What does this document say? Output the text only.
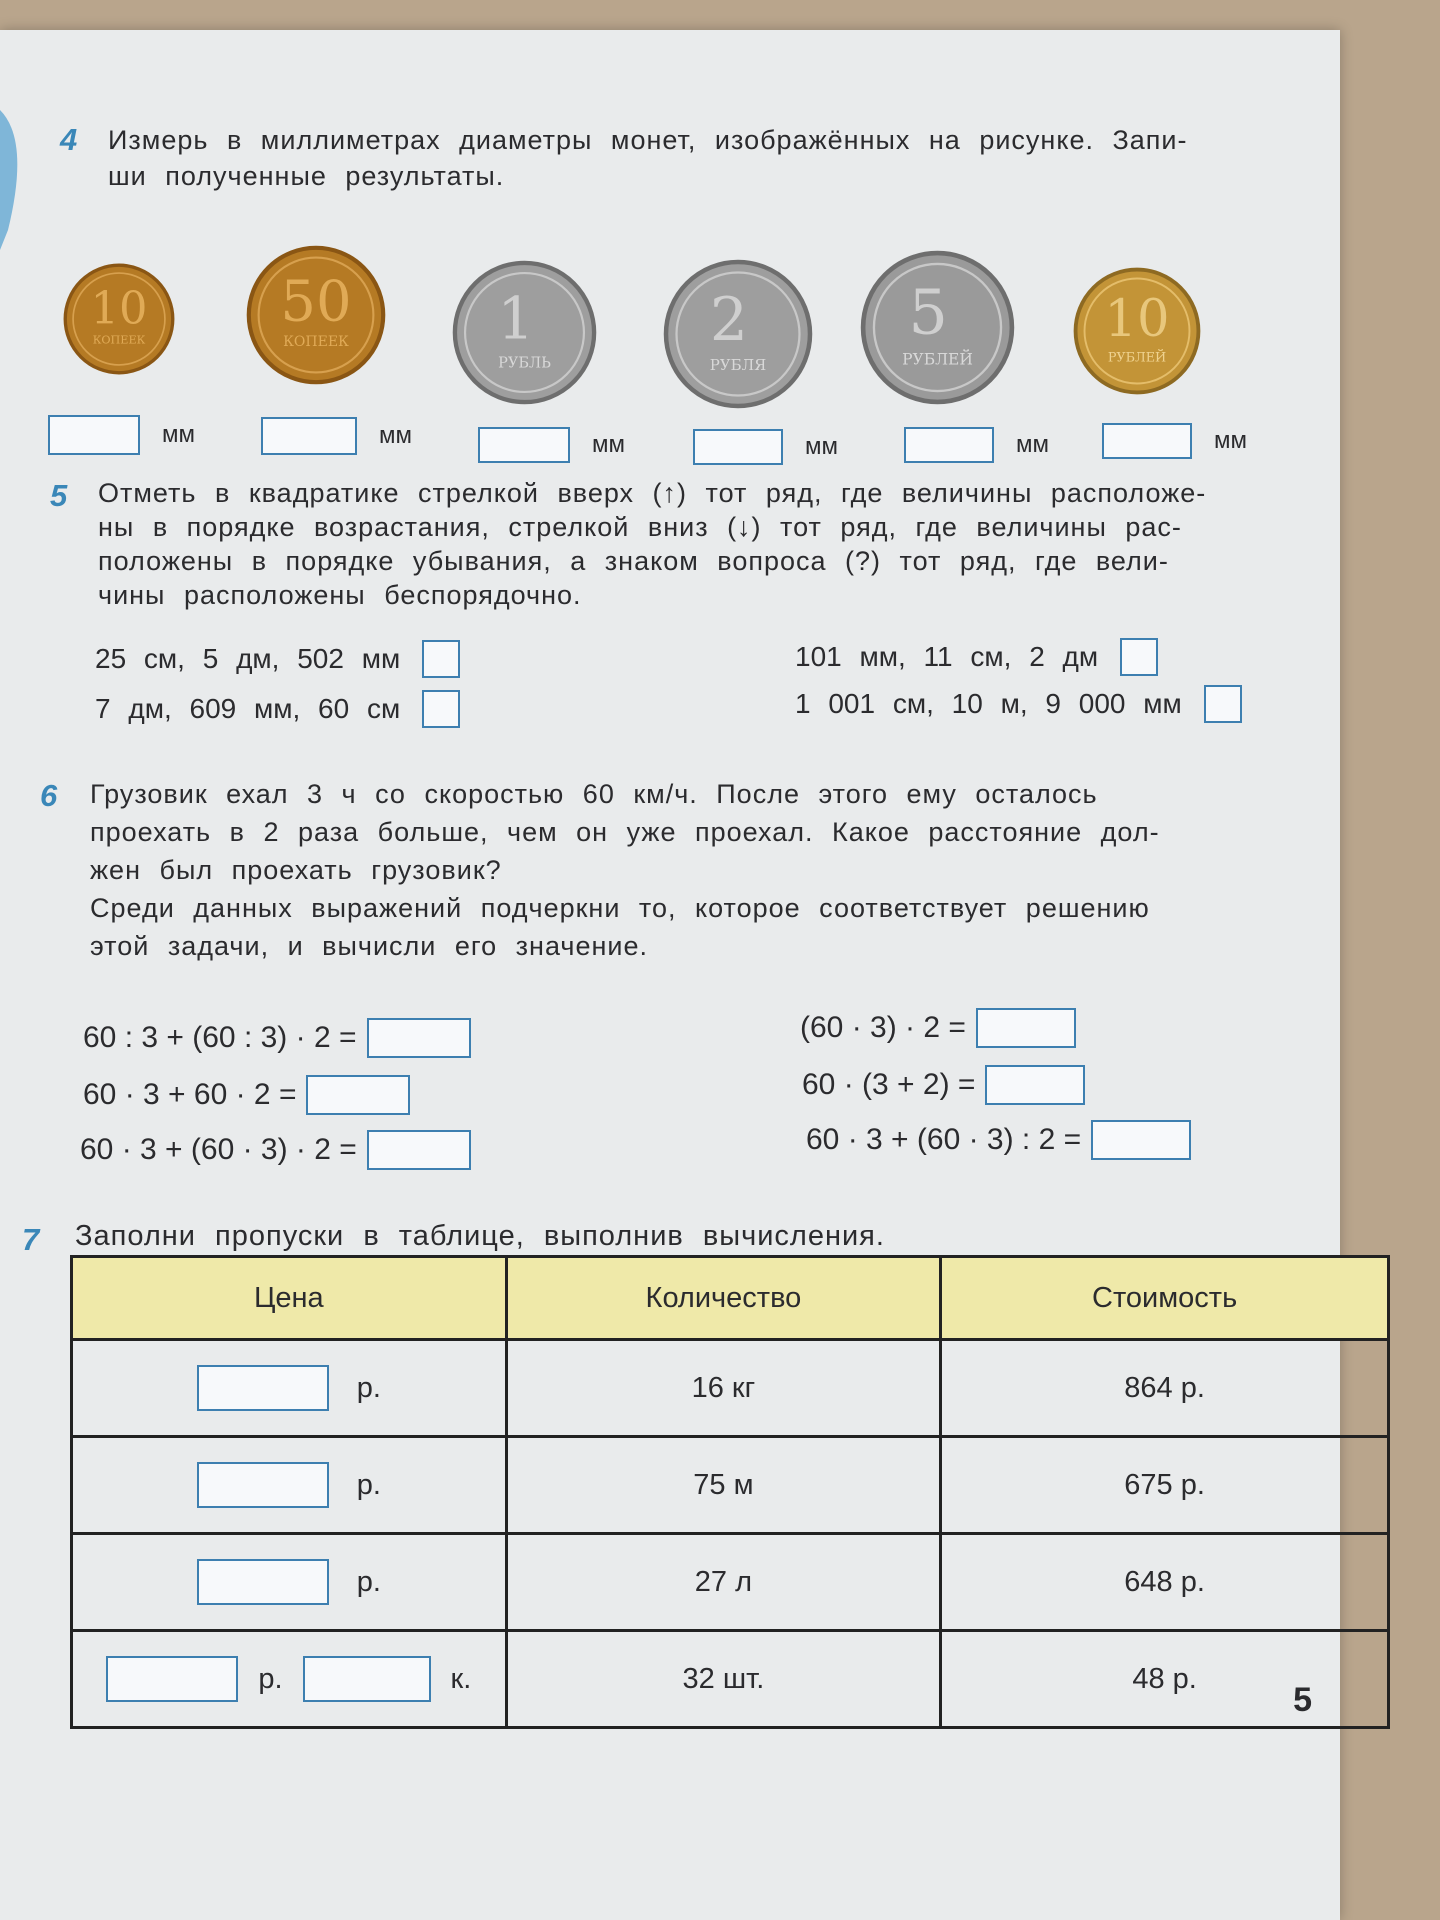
4 Измерь в миллиметрах диаметры монет, изображённых на рисунке. Запи-
ши полученные результаты.
10
КОПЕЕК
50
КОПЕЕК	1
РУБЛЬ
2
РУБЛЯ
5
РУБЛЕЙ
10
РУБЛЕЙ
мм	мм	мм	мм	мм	мм
5 Отметь в квадратике стрелкой вверх (↑) тот ряд, где величины расположе-
ны в порядке возрастания, стрелкой вниз (↓) тот ряд, где величины рас-
положены в порядке убывания, а знаком вопроса (?) тот ряд, где вели-
чины расположены беспорядочно.
25 см, 5 дм, 502 мм
7 дм, 609 мм, 60 см
101 мм, 11 см, 2 дм
1 001 см, 10 м, 9 000 мм
6 Грузовик ехал 3 ч со скоростью 60 км/ч. После этого ему осталось
проехать в 2 раза больше, чем он уже проехал. Какое расстояние дол-
жен был проехать грузовик?
Среди данных выражений подчеркни то, которое соответствует решению
этой задачи, и вычисли его значение.
60 : 3 + (60 : 3) · 2 =
60 · 3 + 60 · 2 =
60 · 3 + (60 · 3) · 2 =
(60 · 3) · 2 =
60 · (3 + 2) =
60 · 3 + (60 · 3) : 2 =
7 Заполни пропуски в таблице, выполнив вычисления.
Цена	Количество	Стоимость

р.	16 кг	864 р.

р.	75 м	675 р.

р.	27 л	648 р.

р. к.	32 шт.	48 р.
5
